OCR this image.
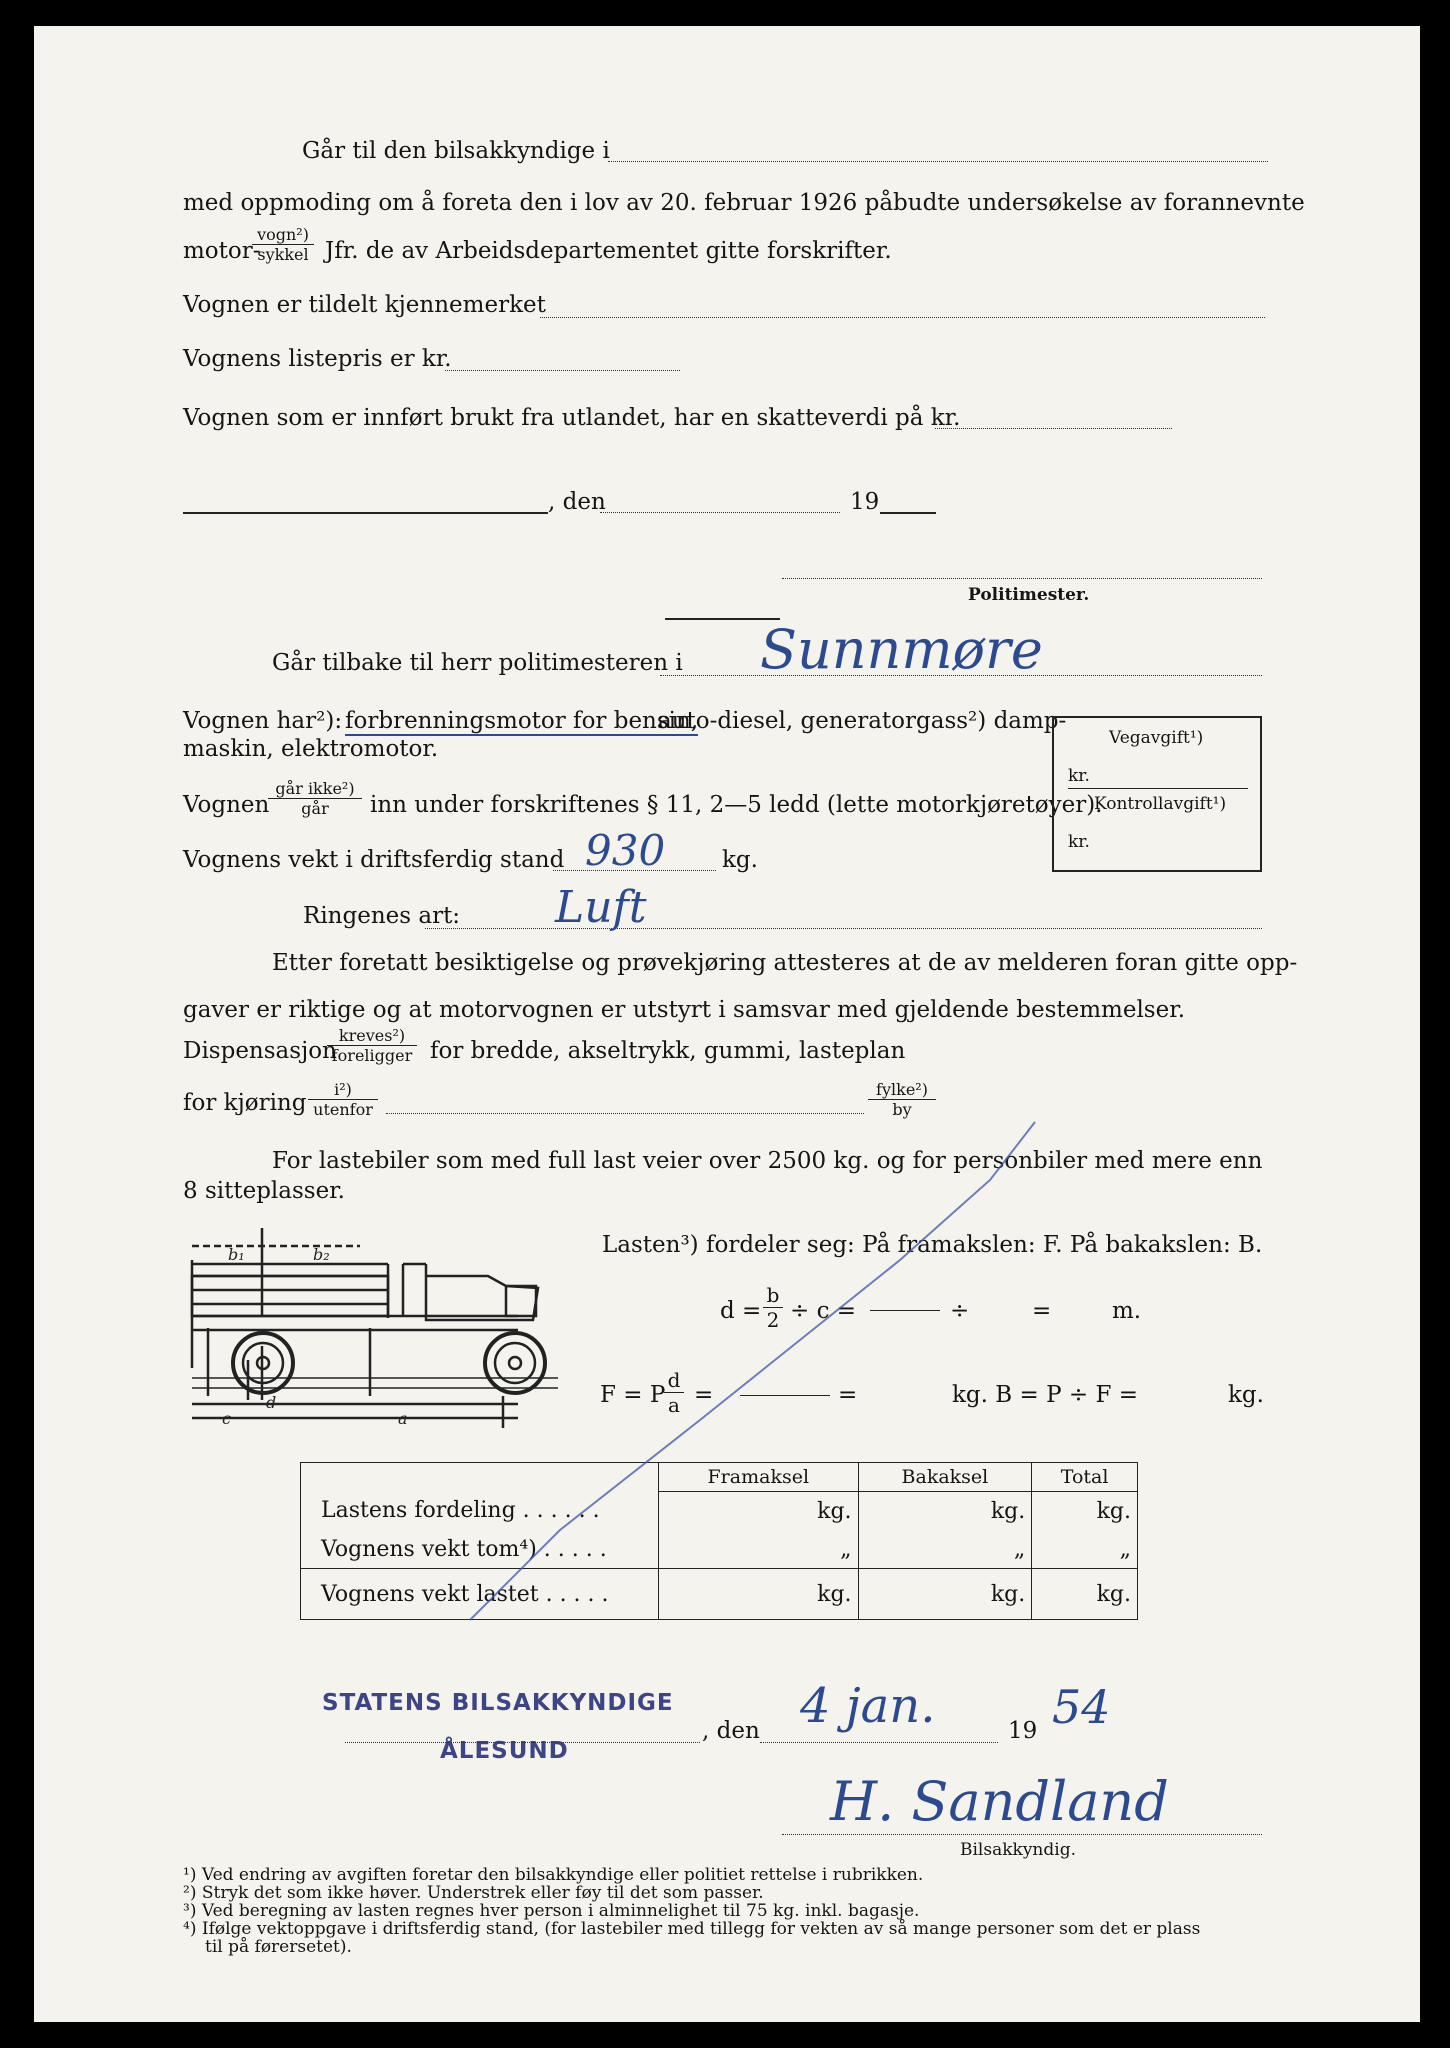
Går til den bilsakkyndige i
med oppmoding om å foreta den i lov av 20. februar 1926 påbudte undersøkelse av forannevnte
motor-
vogn²)
sykkel Jfr. de av Arbeidsdepartementet gitte forskrifter.
Vognen er tildelt kjennemerket
Vognens listepris er kr.
Vognen som er innført brukt fra utlandet, har en skatteverdi på kr.
, den	19
Politimester.
Går tilbake til herr politimesteren i Sunnmøre
Vognen har²): forbrenningsmotor for bensin,
auto-diesel, generatorgass²) damp-
maskin, elektromotor.
Vognen
går ikke²)
går	inn under forskriftenes § 11, 2—5 ledd (lette motorkjøretøyer).
Vognens vekt i driftsferdig stand 930 kg.
Ringenes art: Luft
Vegavgift¹)
kr.
Kontrollavgift¹)
kr.
Etter foretatt besiktigelse og prøvekjøring attesteres at de av melderen foran gitte opp-
gaver er riktige og at motorvognen er utstyrt i samsvar med gjeldende bestemmelser.
Dispensasjon
kreves²)
foreligger for bredde, akseltrykk, gummi, lasteplan
for kjøring
i²)
utenfor
fylke²)
by
For lastebiler som med full last veier over 2500 kg. og for personbiler med mere enn
8 sitteplasser.
b₁	b₂
c
d
a
Lasten³) fordeler seg: På framakslen: F. På bakakslen: B.
$d = \frac{b}{2} \div c$ =	÷	=	m.
F = P
$\frac{d}{a}$ =	=	kg. B = P ÷ F =	kg.
	Framaksel	Bakaksel	Total
Lastens fordeling . . . . . .	kg.	kg.	kg.
Vognens vekt tom⁴) . . . . .	„	„	„
Vognens vekt lastet . . . . .	kg.	kg.	kg.
STATENS BILSAKKYNDIGE
ÅLESUND
, den 4 jan.	19 54
H. Sandland
Bilsakkyndig.
¹) Ved endring av avgiften foretar den bilsakkyndige eller politiet rettelse i rubrikken.
²) Stryk det som ikke høver. Understrek eller føy til det som passer.
³) Ved beregning av lasten regnes hver person i alminnelighet til 75 kg. inkl. bagasje.
⁴) Ifølge vektoppgave i driftsferdig stand, (for lastebiler med tillegg for vekten av så mange personer som det er plass
til på førersetet).
